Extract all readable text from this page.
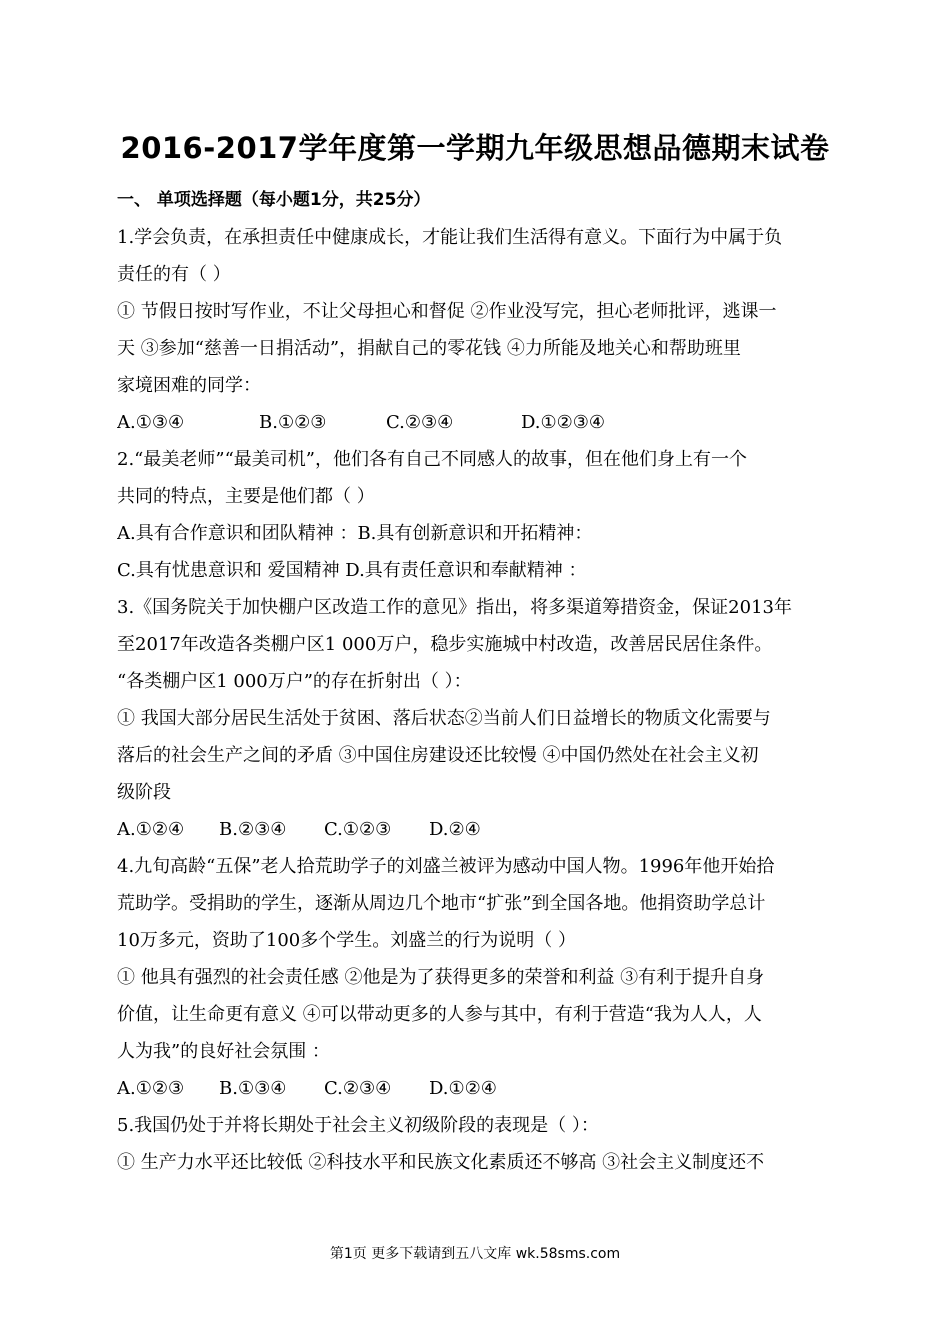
2016-2017学年度第一学期九年级思想品德期末试卷
一、 单项选择题（每小题1分，共25分）
1.学会负责，在承担责任中健康成长，才能让我们生活得有意义。下面行为中属于负
责任的有（ ）
① 节假日按时写作业，不让父母担心和督促 ②作业没写完，担心老师批评，逃课一
天 ③参加“慈善一日捐活动”，捐献自己的零花钱 ④力所能及地关心和帮助班里
家境困难的同学：
A.①③④	B.①②③	C.②③④	D.①②③④
2.“最美老师”“最美司机”，他们各有自己不同感人的故事，但在他们身上有一个
共同的特点，主要是他们都（ ）
A.具有合作意识和团队精神 ：B.具有创新意识和开拓精神：
C.具有忧患意识和 爱国精神 D.具有责任意识和奉献精神 ：
3.《国务院关于加快棚户区改造工作的意见》指出，将多渠道筹措资金，保证2013年
至2017年改造各类棚户区1 000万户，稳步实施城中村改造，改善居民居住条件。
“各类棚户区1 000万户”的存在折射出（ ）：
① 我国大部分居民生活处于贫困、落后状态②当前人们日益增长的物质文化需要与
落后的社会生产之间的矛盾 ③中国住房建设还比较慢 ④中国仍然处在社会主义初
级阶段
A.①②④ B.②③④ C.①②③ D.②④
4.九旬高龄“五保”老人拾荒助学子的刘盛兰被评为感动中国人物。1996年他开始拾
荒助学。受捐助的学生，逐渐从周边几个地市“扩张”到全国各地。他捐资助学总计
10万多元，资助了100多个学生。刘盛兰的行为说明（ ）
① 他具有强烈的社会责任感 ②他是为了获得更多的荣誉和利益 ③有利于提升自身
价值，让生命更有意义 ④可以带动更多的人参与其中，有利于营造“我为人人，人
人为我”的良好社会氛围 ：
A.①②③ B.①③④ C.②③④ D.①②④
5.我国仍处于并将长期处于社会主义初级阶段的表现是（ ）：
① 生产力水平还比较低 ②科技水平和民族文化素质还不够高 ③社会主义制度还不
第1页 更多下载请到五八文库 wk.58sms.com
